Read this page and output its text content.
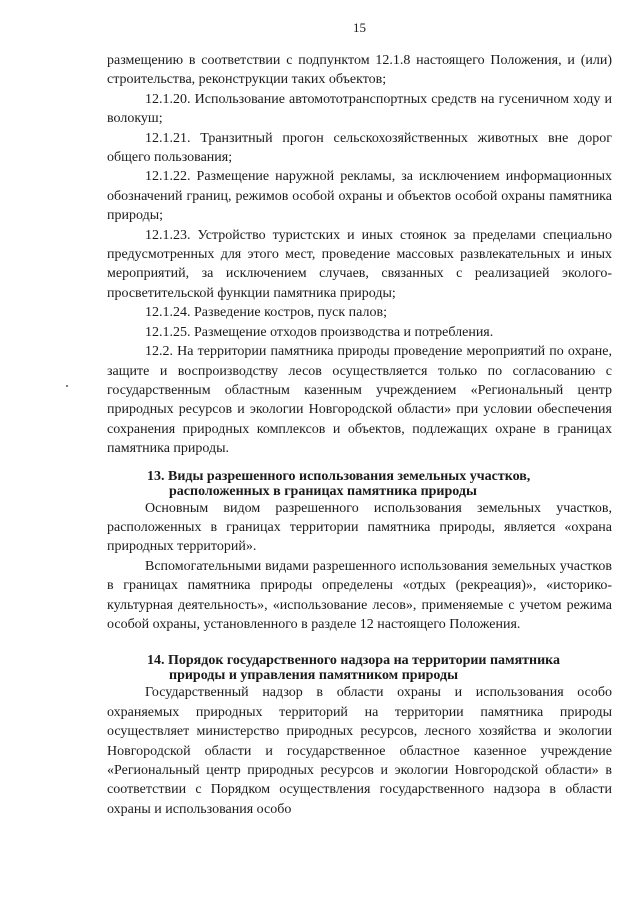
15

размещению в соответствии с подпунктом 12.1.8 настоящего Положения, и (или) строительства, реконструкции таких объектов;

12.1.20. Использование автомототранспортных средств на гусеничном ходу и волокуш;

12.1.21. Транзитный прогон сельскохозяйственных животных вне дорог общего пользования;

12.1.22. Размещение наружной рекламы, за исключением информационных обозначений границ, режимов особой охраны и объектов особой охраны памятника природы;

12.1.23. Устройство туристских и иных стоянок за пределами специально предусмотренных для этого мест, проведение массовых развлекательных и иных мероприятий, за исключением случаев, связанных с реализацией эколого-просветительской функции памятника природы;

12.1.24. Разведение костров, пуск палов;

12.1.25. Размещение отходов производства и потребления.

12.2. На территории памятника природы проведение мероприятий по охране, защите и воспроизводству лесов осуществляется только по согласованию с государственным областным казенным учреждением «Региональный центр природных ресурсов и экологии Новгородской области» при условии обеспечения сохранения природных комплексов и объектов, подлежащих охране в границах памятника природы.

13. Виды разрешенного использования земельных участков,
расположенных в границах памятника природы

Основным видом разрешенного использования земельных участков, расположенных в границах территории памятника природы, является «охрана природных территорий».

Вспомогательными видами разрешенного использования земельных участков в границах памятника природы определены «отдых (рекреация)», «историко-культурная деятельность», «использование лесов», применяемые с учетом режима особой охраны, установленного в разделе 12 настоящего Положения.

14. Порядок государственного надзора на территории памятника
природы и управления памятником природы

Государственный надзор в области охраны и использования особо охраняемых природных территорий на территории памятника природы осуществляет министерство природных ресурсов, лесного хозяйства и экологии Новгородской области и государственное областное казенное учреждение «Региональный центр природных ресурсов и экологии Новгородской области» в соответствии с Порядком осуществления государственного надзора в области охраны и использования особо
